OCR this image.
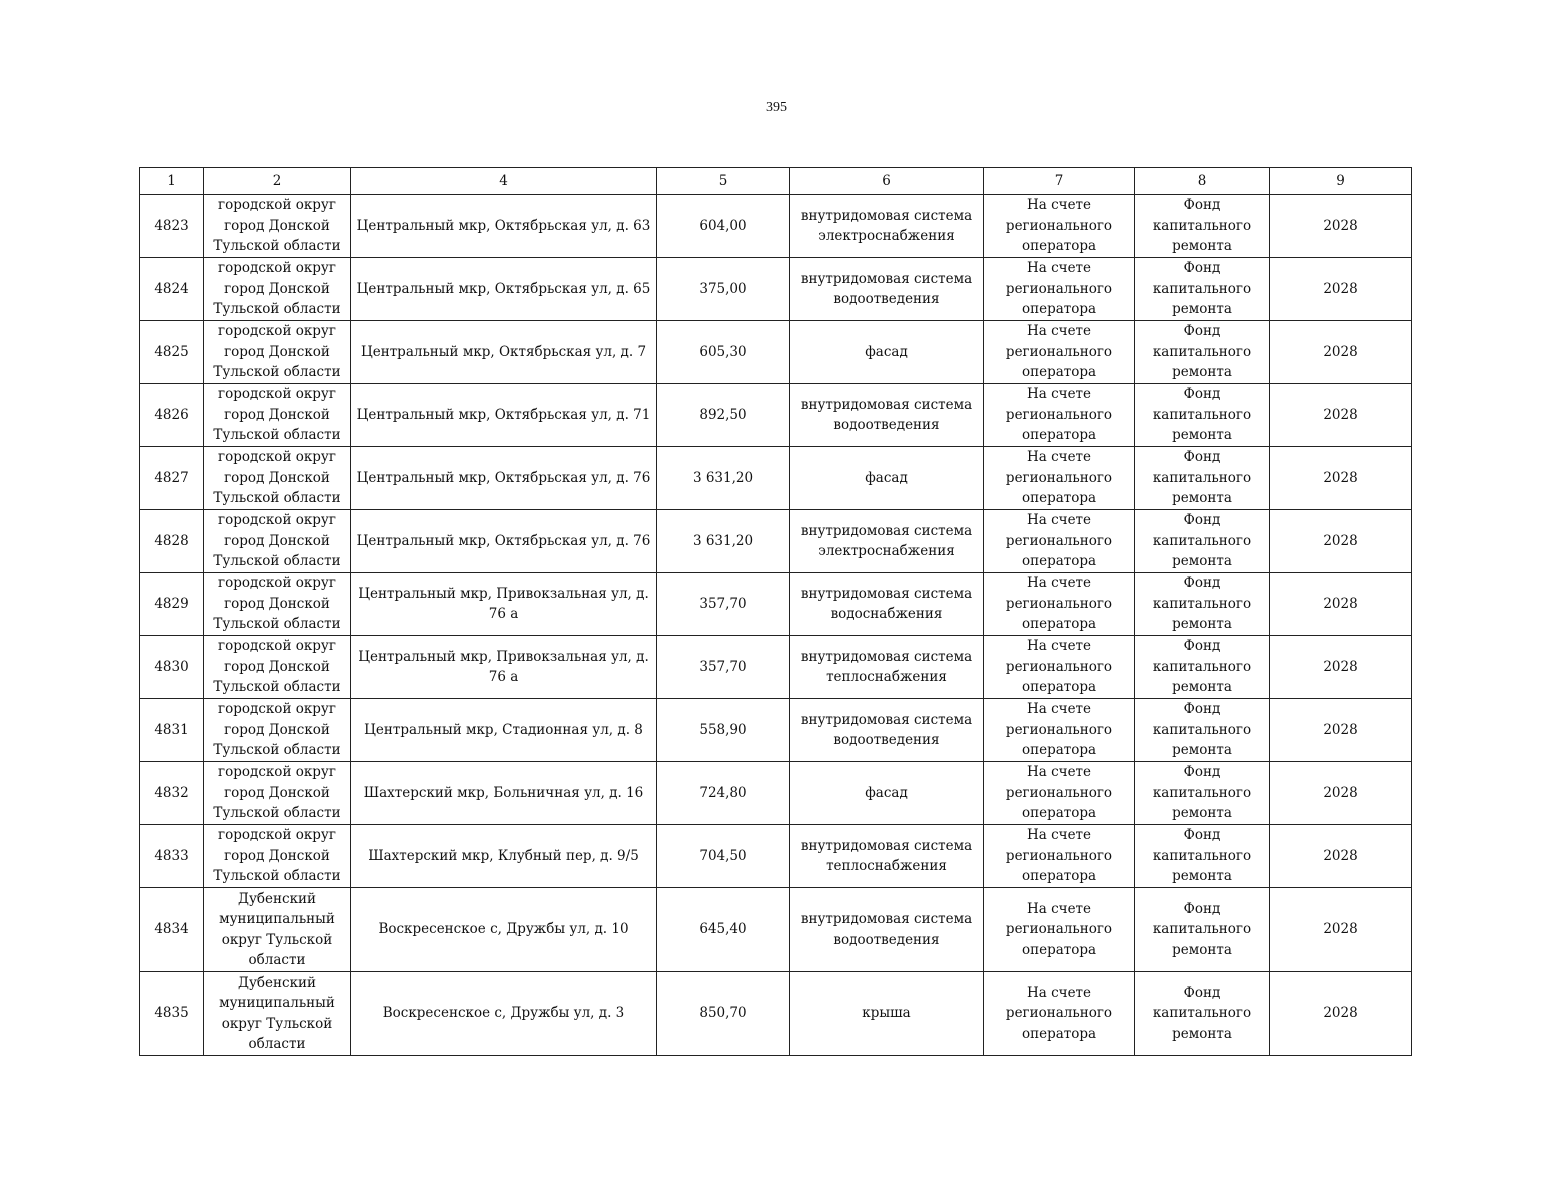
395
1	2	4	5	6	7	8	9
4823	городской округ город Донской Тульской области	Центральный мкр, Октябрьская ул, д. 63	604,00	внутридомовая система электроснабжения	На счете регионального оператора	Фонд капитального ремонта	2028
4824	городской округ город Донской Тульской области	Центральный мкр, Октябрьская ул, д. 65	375,00	внутридомовая система водоотведения	На счете регионального оператора	Фонд капитального ремонта	2028
4825	городской округ город Донской Тульской области	Центральный мкр, Октябрьская ул, д. 7	605,30	фасад	На счете регионального оператора	Фонд капитального ремонта	2028
4826	городской округ город Донской Тульской области	Центральный мкр, Октябрьская ул, д. 71	892,50	внутридомовая система водоотведения	На счете регионального оператора	Фонд капитального ремонта	2028
4827	городской округ город Донской Тульской области	Центральный мкр, Октябрьская ул, д. 76	3 631,20	фасад	На счете регионального оператора	Фонд капитального ремонта	2028
4828	городской округ город Донской Тульской области	Центральный мкр, Октябрьская ул, д. 76	3 631,20	внутридомовая система электроснабжения	На счете регионального оператора	Фонд капитального ремонта	2028
4829	городской округ город Донской Тульской области	Центральный мкр, Привокзальная ул, д. 76 а	357,70	внутридомовая система водоснабжения	На счете регионального оператора	Фонд капитального ремонта	2028
4830	городской округ город Донской Тульской области	Центральный мкр, Привокзальная ул, д. 76 а	357,70	внутридомовая система теплоснабжения	На счете регионального оператора	Фонд капитального ремонта	2028
4831	городской округ город Донской Тульской области	Центральный мкр, Стадионная ул, д. 8	558,90	внутридомовая система водоотведения	На счете регионального оператора	Фонд капитального ремонта	2028
4832	городской округ город Донской Тульской области	Шахтерский мкр, Больничная ул, д. 16	724,80	фасад	На счете регионального оператора	Фонд капитального ремонта	2028
4833	городской округ город Донской Тульской области	Шахтерский мкр, Клубный пер, д. 9/5	704,50	внутридомовая система теплоснабжения	На счете регионального оператора	Фонд капитального ремонта	2028
4834	Дубенский муниципальный округ Тульской области	Воскресенское с, Дружбы ул, д. 10	645,40	внутридомовая система водоотведения	На счете регионального оператора	Фонд капитального ремонта	2028
4835	Дубенский муниципальный округ Тульской области	Воскресенское с, Дружбы ул, д. 3	850,70	крыша	На счете регионального оператора	Фонд капитального ремонта	2028
